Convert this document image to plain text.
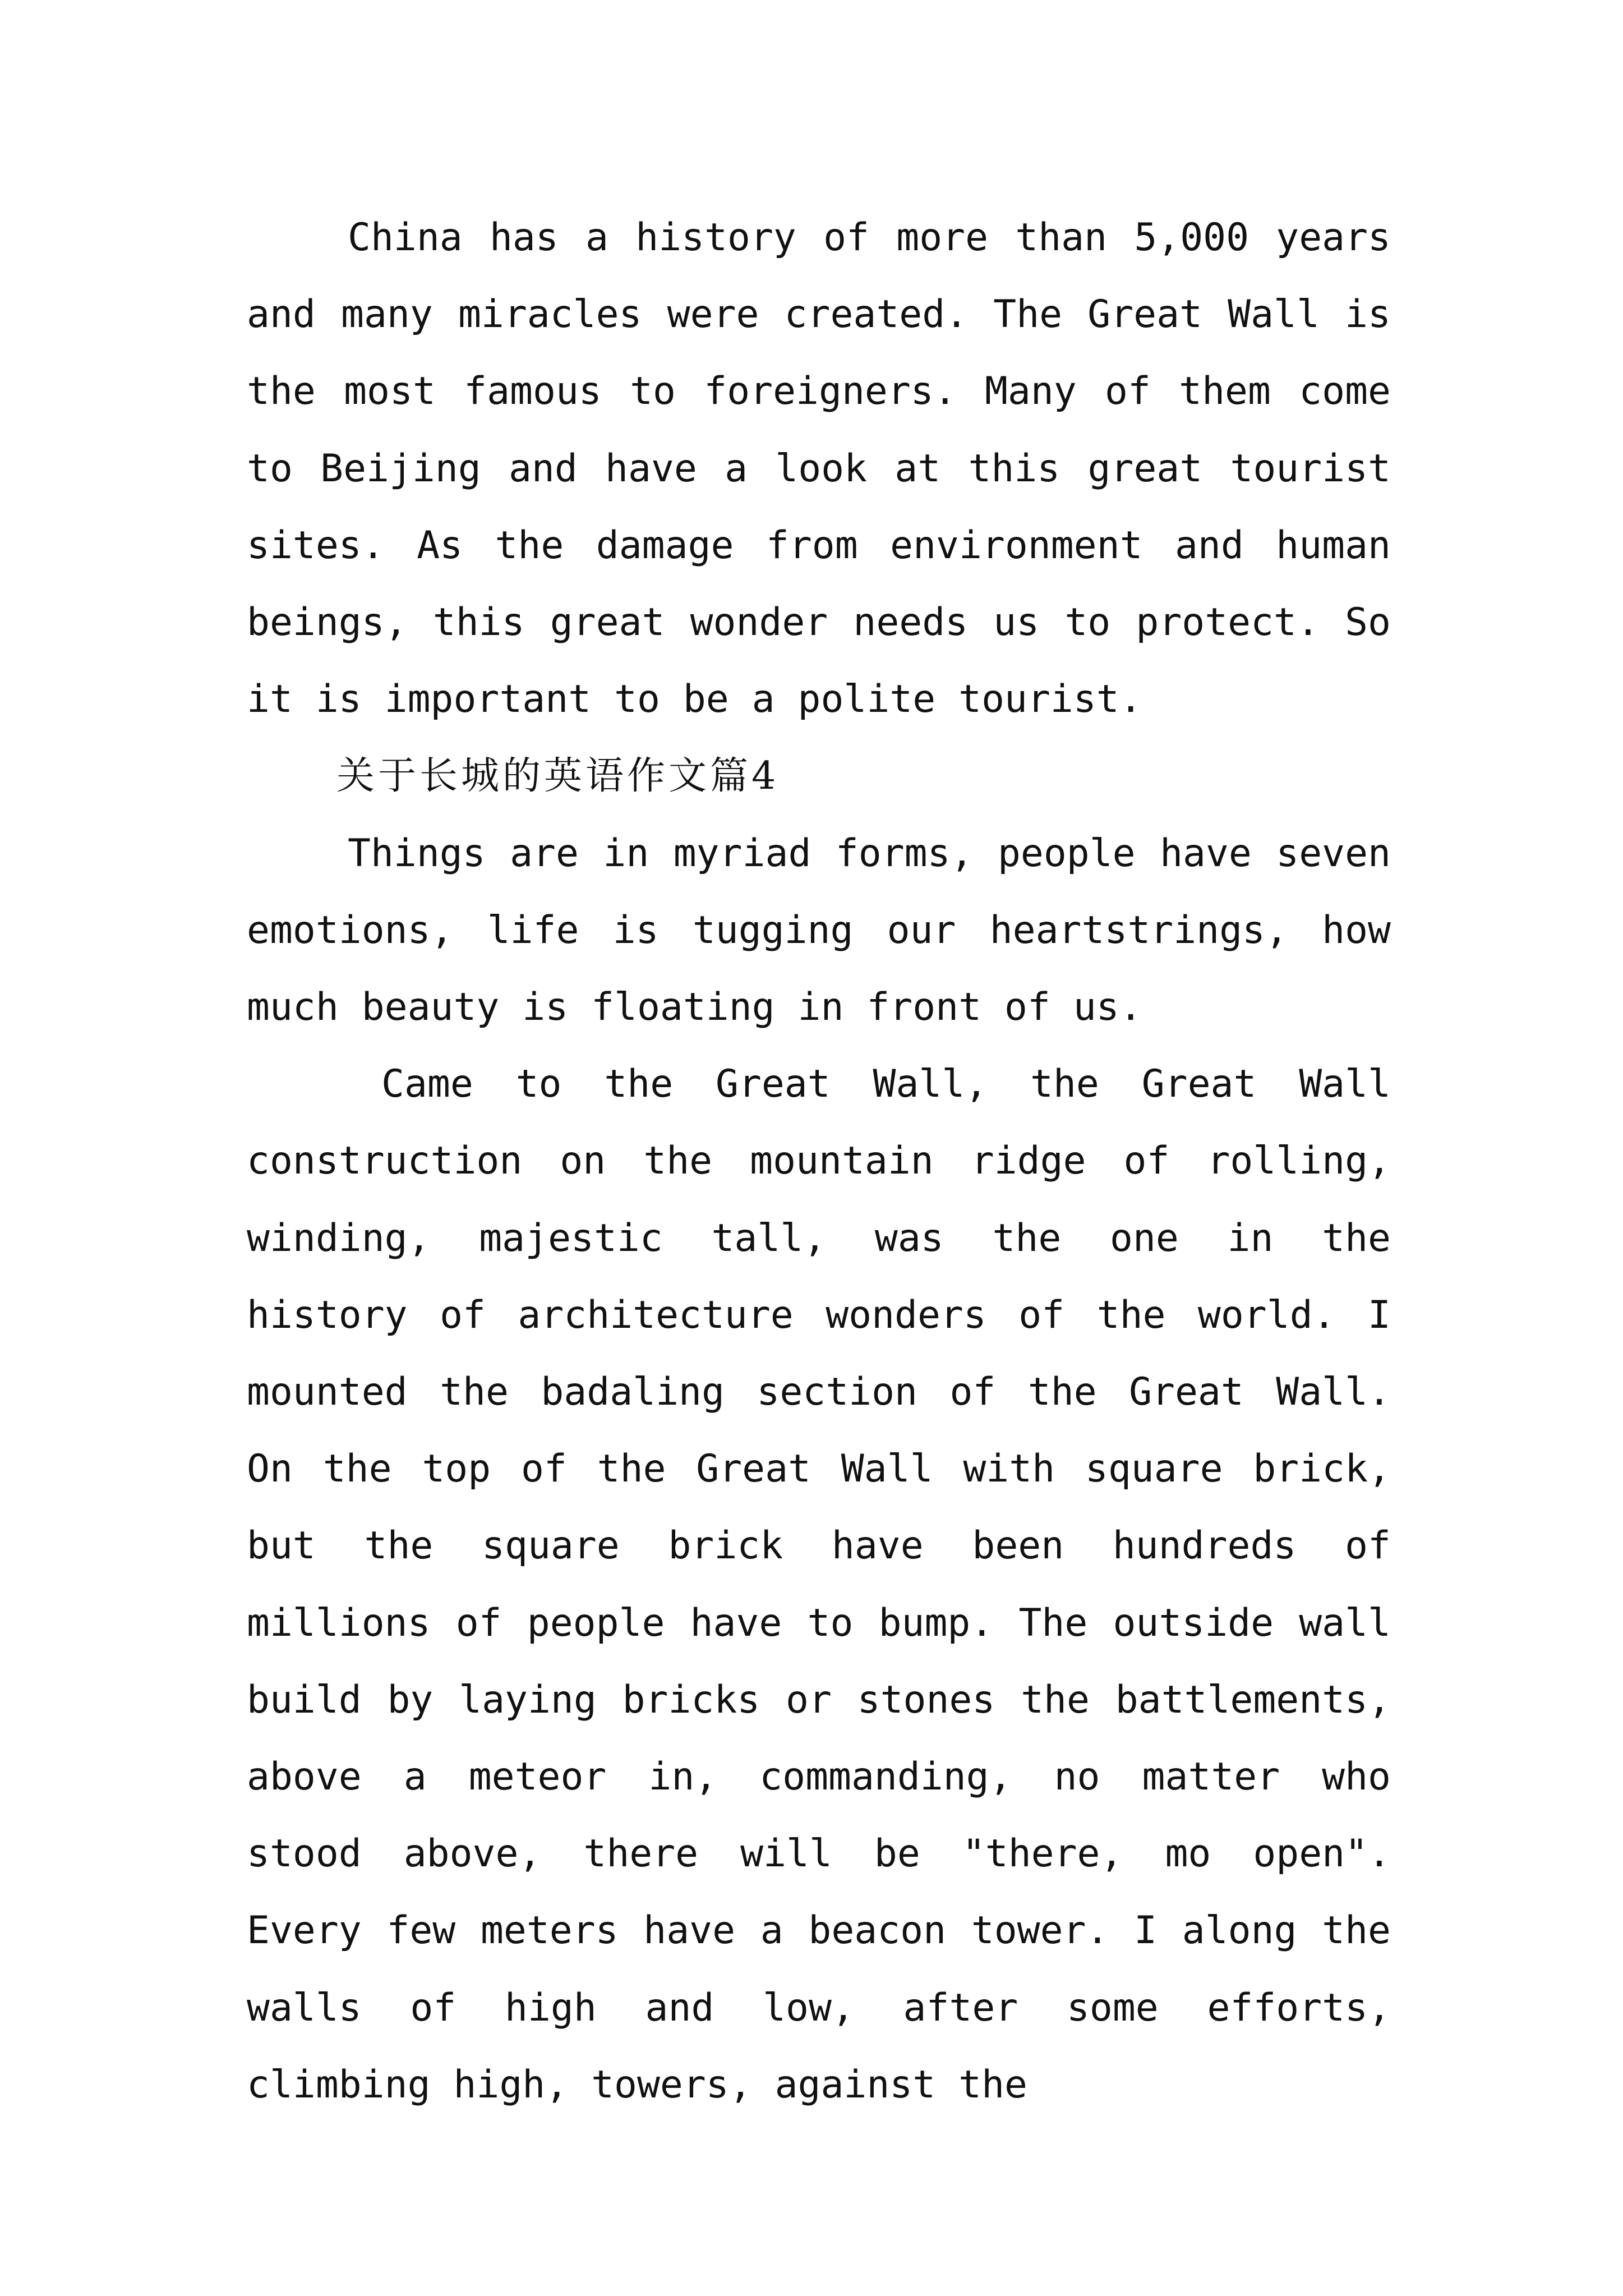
China has a history of more than 5,000 years and many miracles were created. The Great Wall is the most famous to foreigners. Many of them come to Beijing and have a look at this great tourist sites. As the damage from environment and human beings, this great wonder needs us to protect. So it is important to be a polite tourist.

关于长城的英语作文篇4

Things are in myriad forms, people have seven emotions, life is tugging our heartstrings, how much beauty is floating in front of us.

Came to the Great Wall, the Great Wall construction on the mountain ridge of rolling, winding, majestic tall, was the one in the history of architecture wonders of the world. I mounted the badaling section of the Great Wall. On the top of the Great Wall with square brick, but the square brick have been hundreds of millions of people have to bump. The outside wall build by laying bricks or stones the battlements, above a meteor in, commanding, no matter who stood above, there will be "there, mo open". Every few meters have a beacon tower. I along the walls of high and low, after some efforts, climbing high, towers, against the
